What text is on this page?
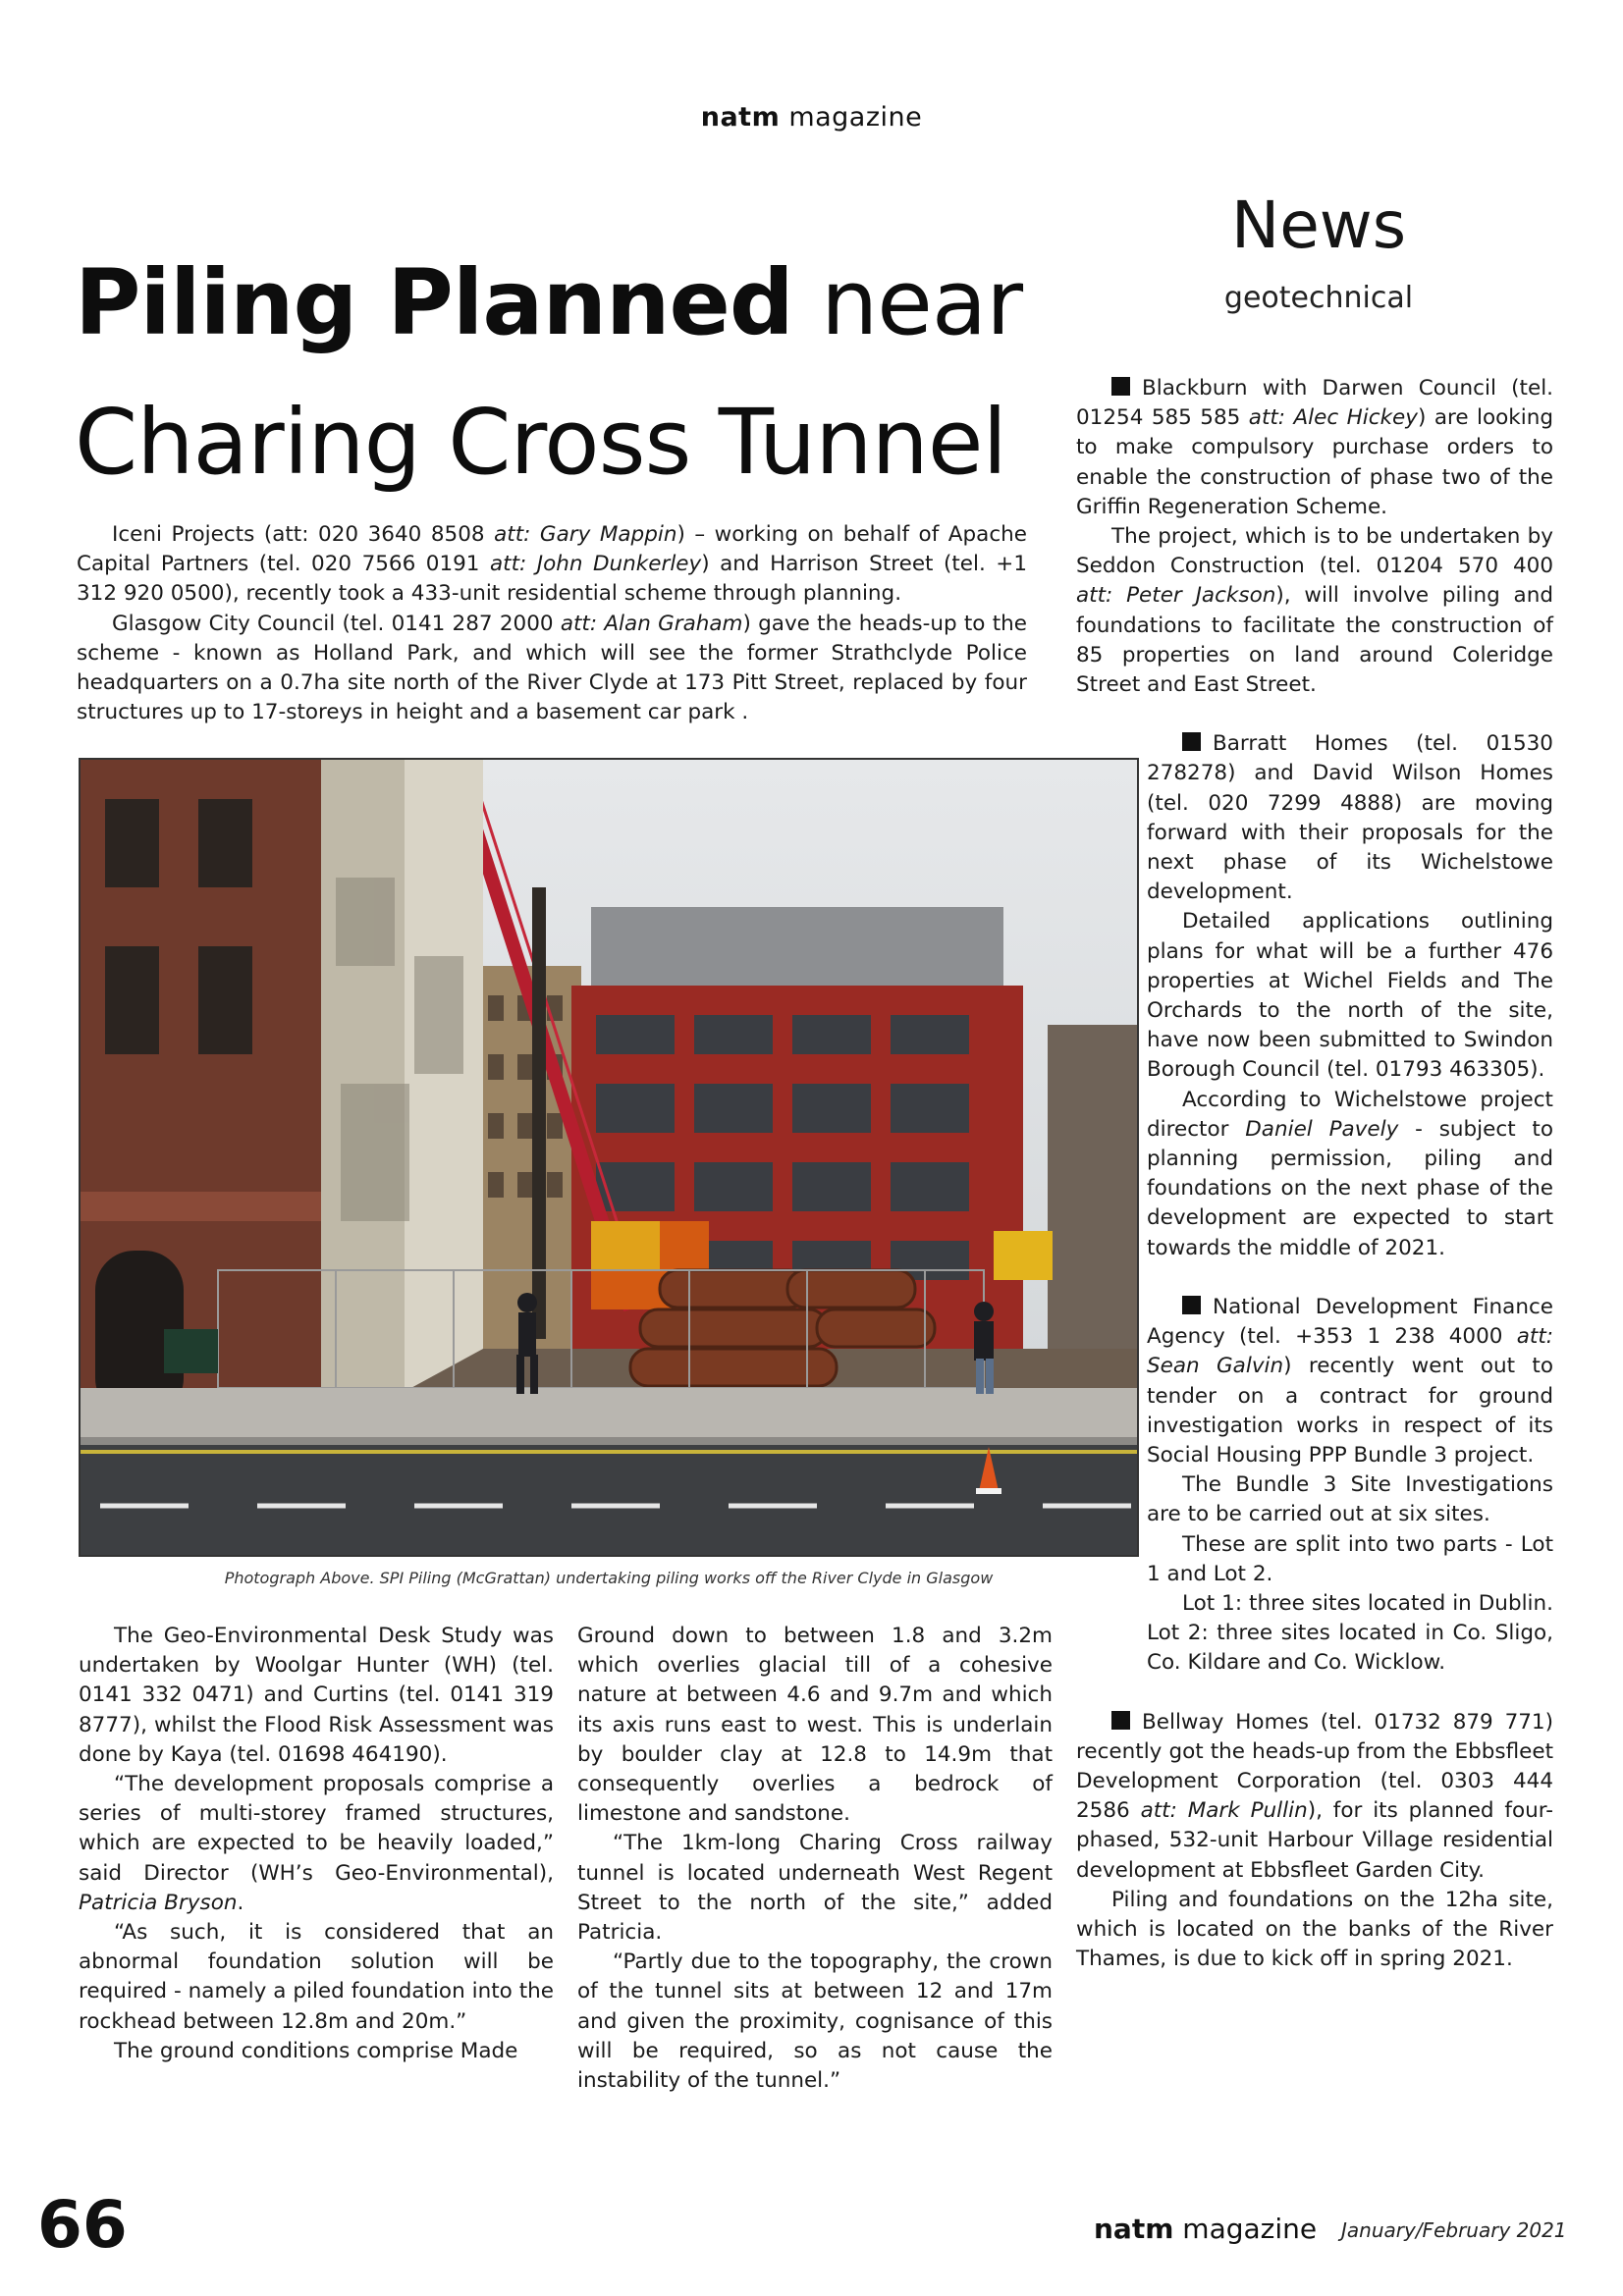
natm magazine
Piling Planned near
Charing Cross Tunnel
News
geotechnical

Iceni Projects (att: 020 3640 8508 att: Gary Mappin) – working on behalf of Apache Capital Partners (tel. 020 7566 0191 att: John Dunkerley) and Harrison Street (tel. +1 312 920 0500), recently took a 433-unit residential scheme through planning.

Glasgow City Council (tel. 0141 287 2000 att: Alan Graham) gave the heads-up to the scheme - known as Holland Park, and which will see the former Strathclyde Police headquarters on a 0.7ha site north of the River Clyde at 173 Pitt Street, replaced by four structures up to 17-storeys in height and a basement car park .

Photograph Above. SPI Piling (McGrattan) undertaking piling works off the River Clyde in Glasgow

The Geo-Environmental Desk Study was undertaken by Woolgar Hunter (WH) (tel. 0141 332 0471) and Curtins (tel. 0141 319 8777), whilst the Flood Risk Assessment was done by Kaya (tel. 01698 464190).

“The development proposals comprise a series of multi-storey framed structures, which are expected to be heavily loaded,” said Director (WH’s Geo-Environmental), Patricia Bryson.

“As such, it is considered that an abnormal foundation solution will be required - namely a piled foundation into the rockhead between 12.8m and 20m.”

The ground conditions comprise Made

Ground down to between 1.8 and 3.2m which overlies glacial till of a cohesive nature at between 4.6 and 9.7m and which its axis runs east to west. This is underlain by boulder clay at 12.8 to 14.9m that consequently overlies a bedrock of limestone and sandstone.

“The 1km-long Charing Cross railway tunnel is located underneath West Regent Street to the north of the site,” added Patricia.

“Partly due to the topography, the crown of the tunnel sits at between 12 and 17m and given the proximity, cognisance of this will be required, so as not cause the instability of the tunnel.”

Blackburn with Darwen Council (tel. 01254 585 585 att: Alec Hickey) are looking to make compulsory purchase orders to enable the construction of phase two of the Griffin Regeneration Scheme.

The project, which is to be undertaken by Seddon Construction (tel. 01204 570 400 att: Peter Jackson), will involve piling and foundations to facilitate the construction of 85 properties on land around Coleridge Street and East Street.

Barratt Homes (tel. 01530 278278) and David Wilson Homes (tel. 020 7299 4888) are moving forward with their proposals for the next phase of its Wichelstowe development.

Detailed applications outlining plans for what will be a further 476 properties at Wichel Fields and The Orchards to the north of the site, have now been submitted to Swindon Borough Council (tel. 01793 463305).

According to Wichelstowe project director Daniel Pavely - subject to planning permission, piling and foundations on the next phase of the development are expected to start towards the middle of 2021.

National Development Finance Agency (tel. +353 1 238 4000 att: Sean Galvin) recently went out to tender on a contract for ground investigation works in respect of its Social Housing PPP Bundle 3 project.

The Bundle 3 Site Investigations are to be carried out at six sites.

These are split into two parts - Lot 1 and Lot 2.

Lot 1: three sites located in Dublin. Lot 2: three sites located in Co. Sligo, Co. Kildare and Co. Wicklow.

Bellway Homes (tel. 01732 879 771) recently got the heads-up from the Ebbsfleet Development Corporation (tel. 0303 444 2586 att: Mark Pullin), for its planned four-phased, 532-unit Harbour Village residential development at Ebbsfleet Garden City.

Piling and foundations on the 12ha site, which is located on the banks of the River Thames, is due to kick off in spring 2021.

66	natm magazine January/February 2021
